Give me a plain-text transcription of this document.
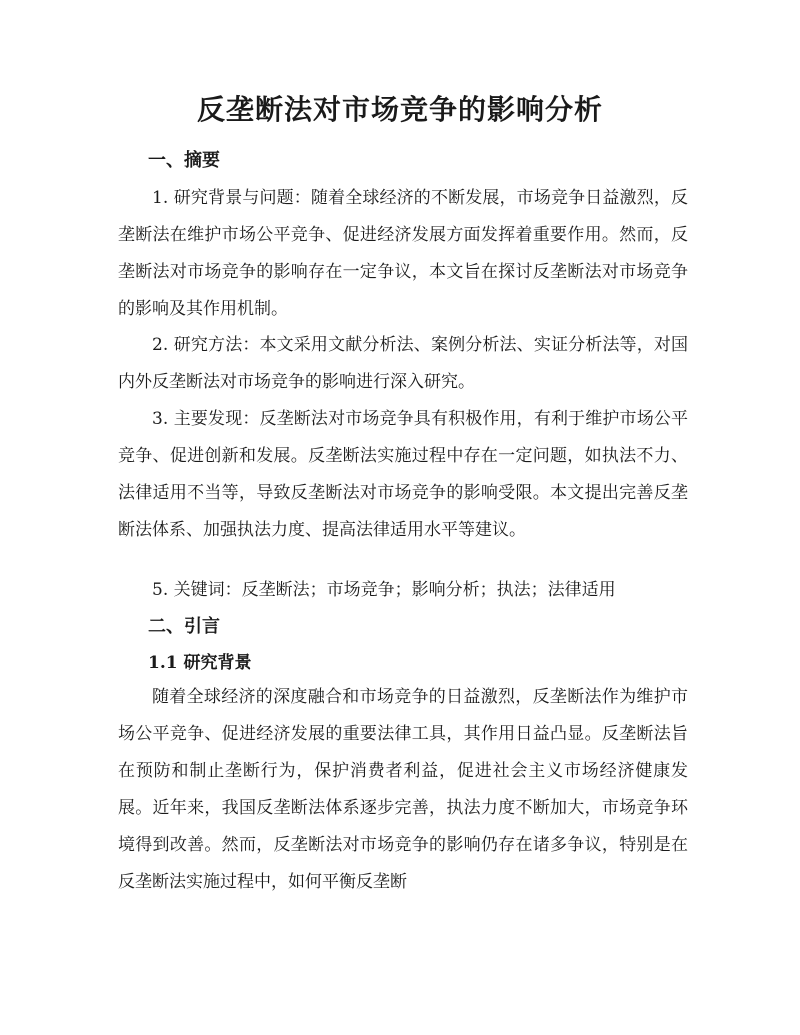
反垄断法对市场竞争的影响分析
一、摘要

1. 研究背景与问题：随着全球经济的不断发展，市场竞争日益激烈，反垄断法在维护市场公平竞争、促进经济发展方面发挥着重要作用。然而，反垄断法对市场竞争的影响存在一定争议，本文旨在探讨反垄断法对市场竞争的影响及其作用机制。

2. 研究方法：本文采用文献分析法、案例分析法、实证分析法等，对国内外反垄断法对市场竞争的影响进行深入研究。

3. 主要发现：反垄断法对市场竞争具有积极作用，有利于维护市场公平竞争、促进创新和发展。反垄断法实施过程中存在一定问题，如执法不力、法律适用不当等，导致反垄断法对市场竞争的影响受限。本文提出完善反垄断法体系、加强执法力度、提高法律适用水平等建议。

5. 关键词：反垄断法；市场竞争；影响分析；执法；法律适用

二、引言
1.1 研究背景

随着全球经济的深度融合和市场竞争的日益激烈，反垄断法作为维护市场公平竞争、促进经济发展的重要法律工具，其作用日益凸显。反垄断法旨在预防和制止垄断行为，保护消费者利益，促进社会主义市场经济健康发展。近年来，我国反垄断法体系逐步完善，执法力度不断加大，市场竞争环境得到改善。然而，反垄断法对市场竞争的影响仍存在诸多争议，特别是在反垄断法实施过程中，如何平衡反垄断
